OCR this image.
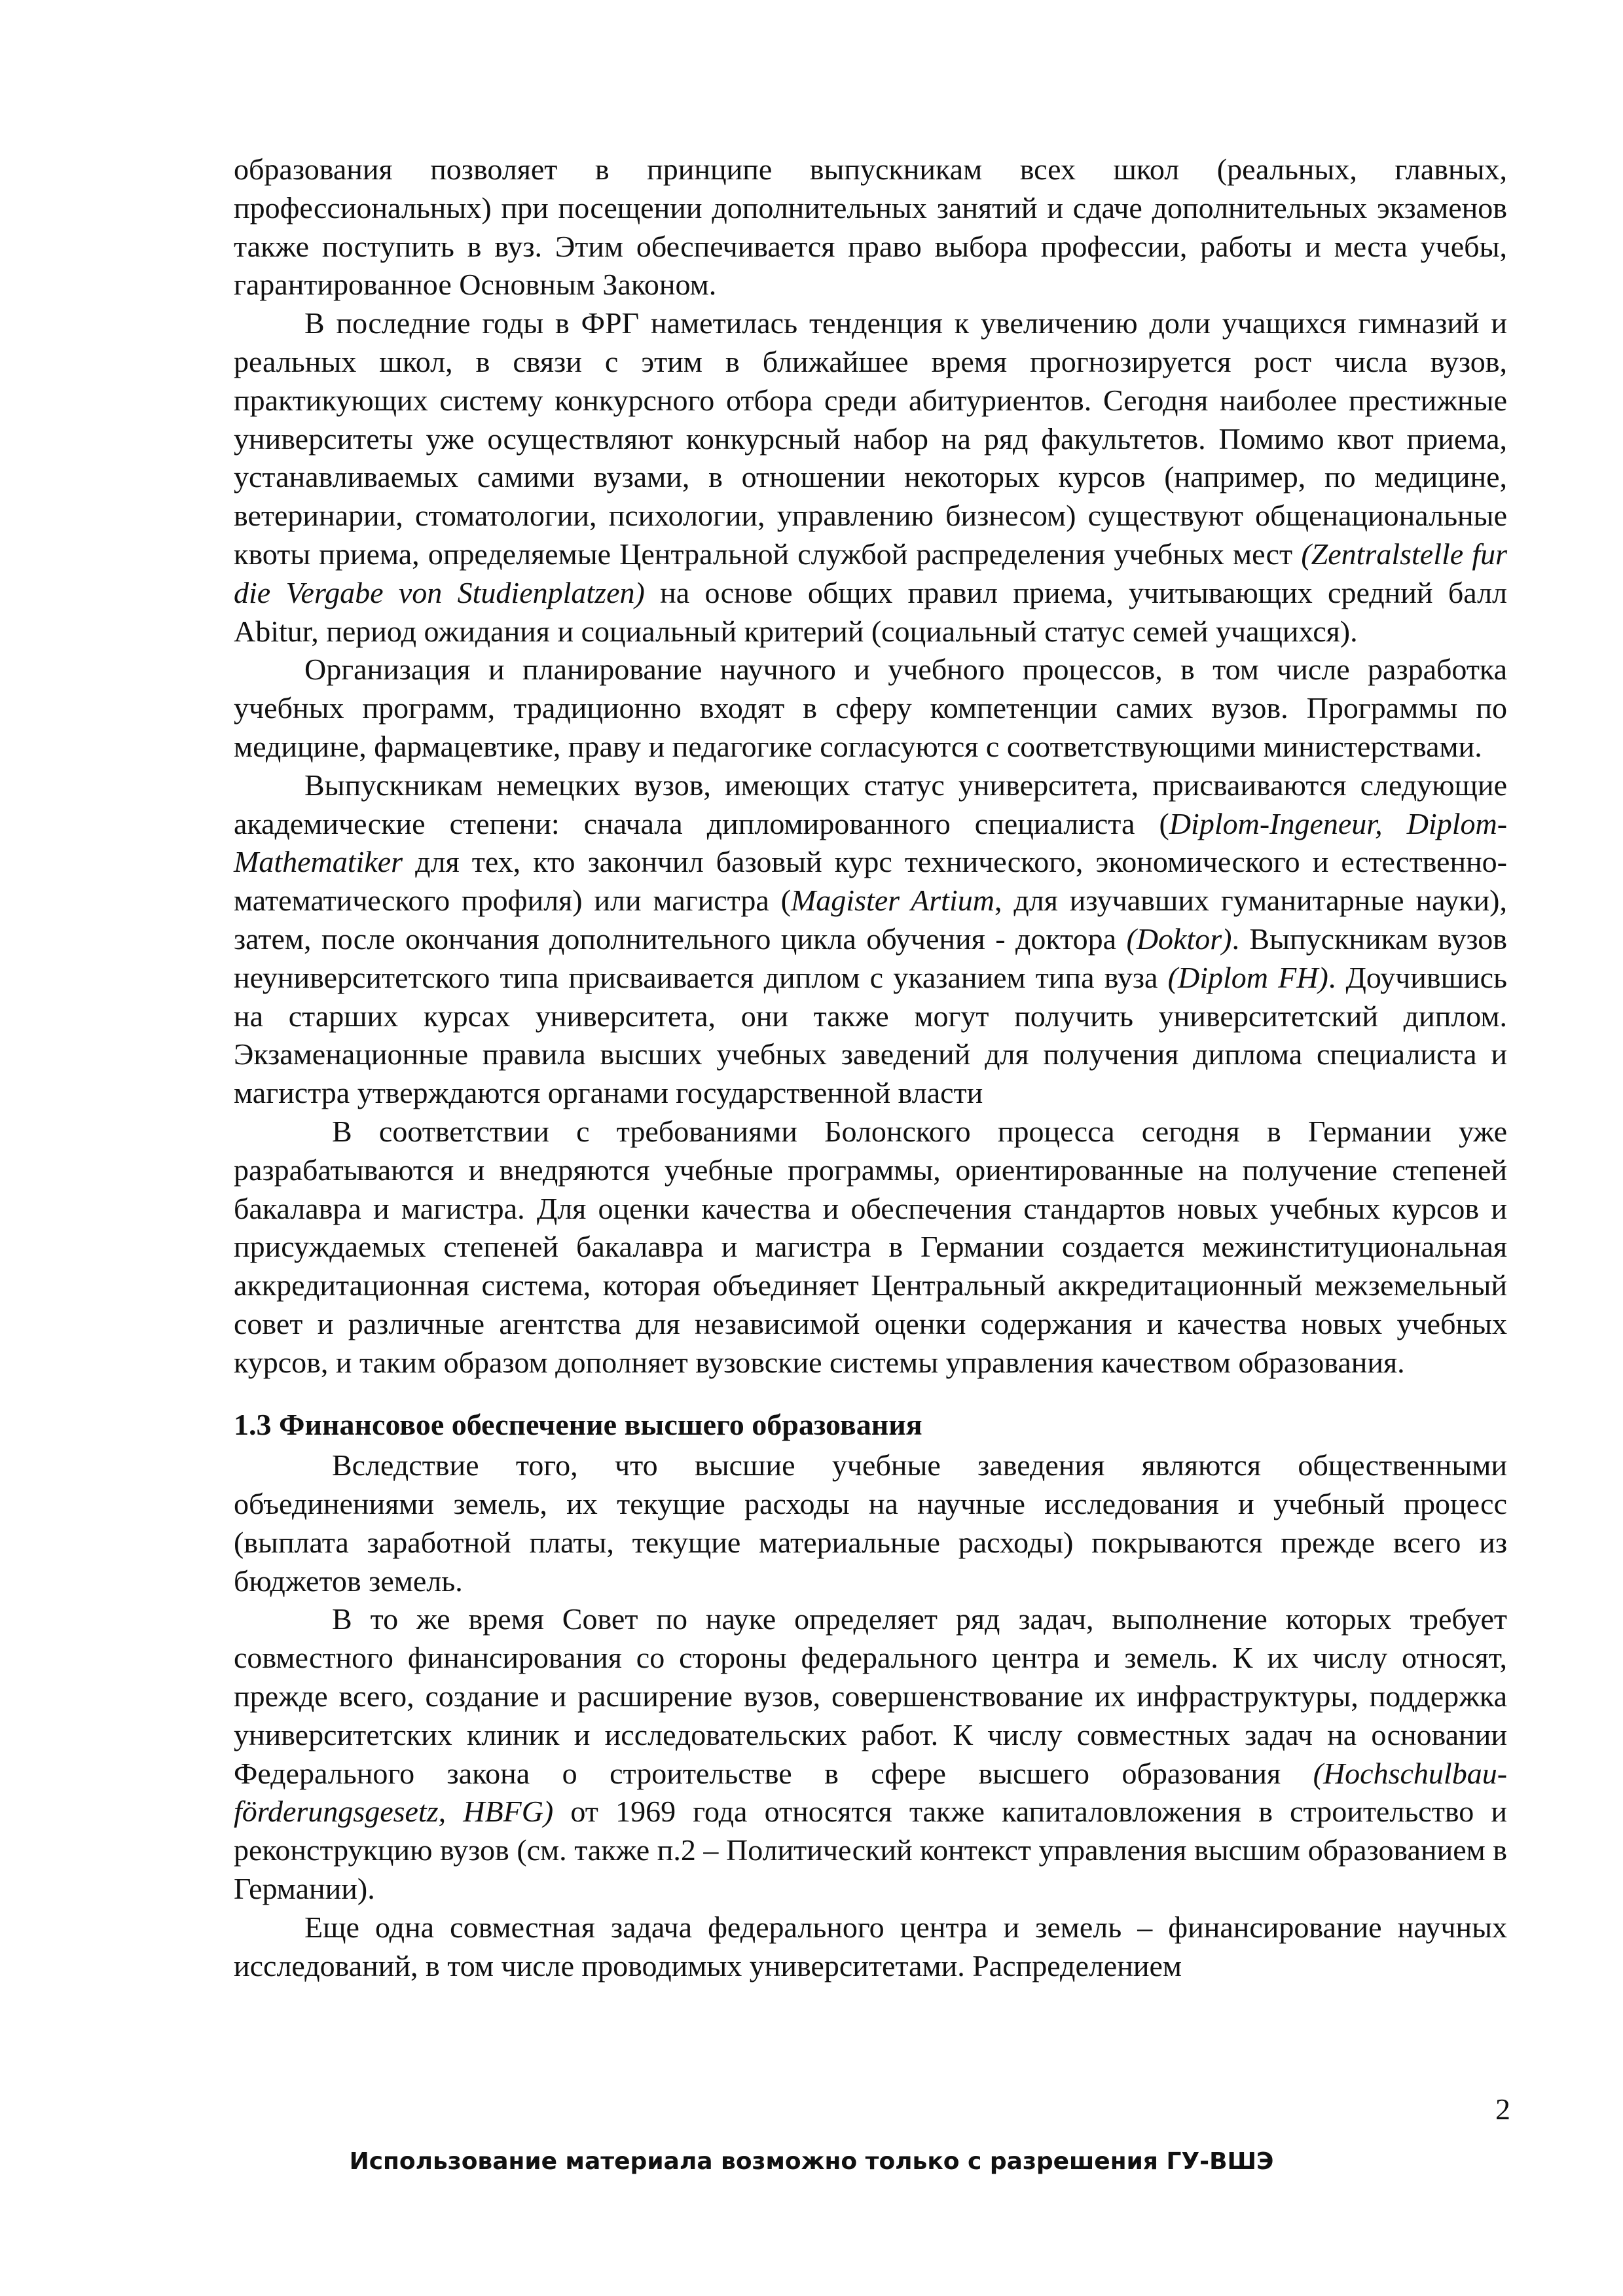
образования позволяет в принципе выпускникам всех школ (реальных, главных, профессиональных) при посещении дополнительных занятий и сдаче дополнительных экзаменов также поступить в вуз. Этим обеспечивается право выбора профессии, работы и места учебы, гарантированное Основным Законом.

В последние годы в ФРГ наметилась тенденция к увеличению доли учащихся гимназий и реальных школ, в связи с этим в ближайшее время прогнозируется рост числа вузов, практикующих систему конкурсного отбора среди абитуриентов. Сегодня наиболее престижные университеты уже осуществляют конкурсный набор на ряд факультетов. Помимо квот приема, устанавливаемых самими вузами, в отношении некоторых курсов (например, по медицине, ветеринарии, стоматологии, психологии, управлению бизнесом) существуют общенациональные квоты приема, определяемые Центральной службой распределения учебных мест (Zentralstelle fur die Vergabe von Studienplatzen) на основе общих правил приема, учитывающих средний балл Abitur, период ожидания и социальный критерий (социальный статус семей учащихся).

Организация и планирование научного и учебного процессов, в том числе разработка учебных программ, традиционно входят в сферу компетенции самих вузов. Программы по медицине, фармацевтике, праву и педагогике согласуются с соответствующими министерствами.

Выпускникам немецких вузов, имеющих статус университета, присваиваются следующие академические степени: сначала дипломированного специалиста (Diplom-Ingeneur, Diplom-Mathematiker для тех, кто закончил базовый курс технического, экономического и естественно-математического профиля) или магистра (Magister Artium, для изучавших гуманитарные науки), затем, после окончания дополнительного цикла обучения - доктора (Doktor). Выпускникам вузов неуниверситетского типа присваивается диплом с указанием типа вуза (Diplom FH). Доучившись на старших курсах университета, они также могут получить университетский диплом. Экзаменационные правила высших учебных заведений для получения диплома специалиста и магистра утверждаются органами государственной власти

В соответствии с требованиями Болонского процесса сегодня в Германии уже разрабатываются и внедряются учебные программы, ориентированные на получение степеней бакалавра и магистра. Для оценки качества и обеспечения стандартов новых учебных курсов и присуждаемых степеней бакалавра и магистра в Германии создается межинституциональная аккредитационная система, которая объединяет Центральный аккредитационный межземельный совет и различные агентства для независимой оценки содержания и качества новых учебных курсов, и таким образом дополняет вузовские системы управления качеством образования.

1.3 Финансовое обеспечение высшего образования

Вследствие того, что высшие учебные заведения являются общественными объединениями земель, их текущие расходы на научные исследования и учебный процесс (выплата заработной платы, текущие материальные расходы) покрываются прежде всего из бюджетов земель.

В то же время Совет по науке определяет ряд задач, выполнение которых требует совместного финансирования со стороны федерального центра и земель. К их числу относят, прежде всего, создание и расширение вузов, совершенствование их инфраструктуры, поддержка университетских клиник и исследовательских работ. К числу совместных задач на основании Федерального закона о строительстве в сфере высшего образования (Hochschulbau-förderungsgesetz, HBFG) от 1969 года относятся также капиталовложения в строительство и реконструкцию вузов (см. также п.2 – Политический контекст управления высшим образованием в Германии).

Еще одна совместная задача федерального центра и земель – финансирование научных исследований, в том числе проводимых университетами. Распределением

2
Использование материала возможно только с разрешения ГУ-ВШЭ
